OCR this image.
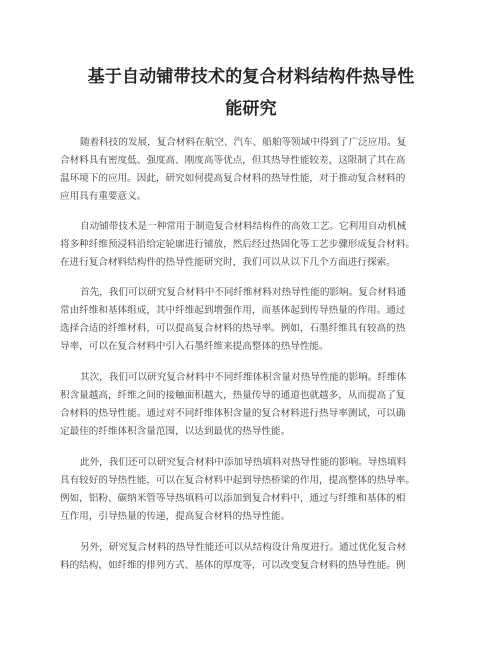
基于自动铺带技术的复合材料结构件热导性
能研究
随着科技的发展，复合材料在航空、汽车、船舶等领域中得到了广泛应用。复
合材料具有密度低、强度高、刚度高等优点，但其热导性能较差，这限制了其在高
温环境下的应用。因此，研究如何提高复合材料的热导性能，对于推动复合材料的
应用具有重要意义。
自动铺带技术是一种常用于制造复合材料结构件的高效工艺。它利用自动机械
将多种纤维预浸料沿给定轮廓进行铺放，然后经过热固化等工艺步骤形成复合材料。
在进行复合材料结构件的热导性能研究时，我们可以从以下几个方面进行探索。
首先，我们可以研究复合材料中不同纤维材料对热导性能的影响。复合材料通
常由纤维和基体组成，其中纤维起到增强作用，而基体起到传导热量的作用。通过
选择合适的纤维材料，可以提高复合材料的热导率。例如，石墨纤维具有较高的热
导率，可以在复合材料中引入石墨纤维来提高整体的热导性能。
其次，我们可以研究复合材料中不同纤维体积含量对热导性能的影响。纤维体
积含量越高，纤维之间的接触面积越大，热量传导的通道也就越多，从而提高了复
合材料的热导性能。通过对不同纤维体积含量的复合材料进行热导率测试，可以确
定最佳的纤维体积含量范围，以达到最优的热导性能。
此外，我们还可以研究复合材料中添加导热填料对热导性能的影响。导热填料
具有较好的导热性能，可以在复合材料中起到导热桥梁的作用，提高整体的热导率。
例如，铝粉、碳纳米管等导热填料可以添加到复合材料中，通过与纤维和基体的相
互作用，引导热量的传递，提高复合材料的热导性能。
另外，研究复合材料的热导性能还可以从结构设计角度进行。通过优化复合材
料的结构，如纤维的排列方式、基体的厚度等，可以改变复合材料的热导性能。例
